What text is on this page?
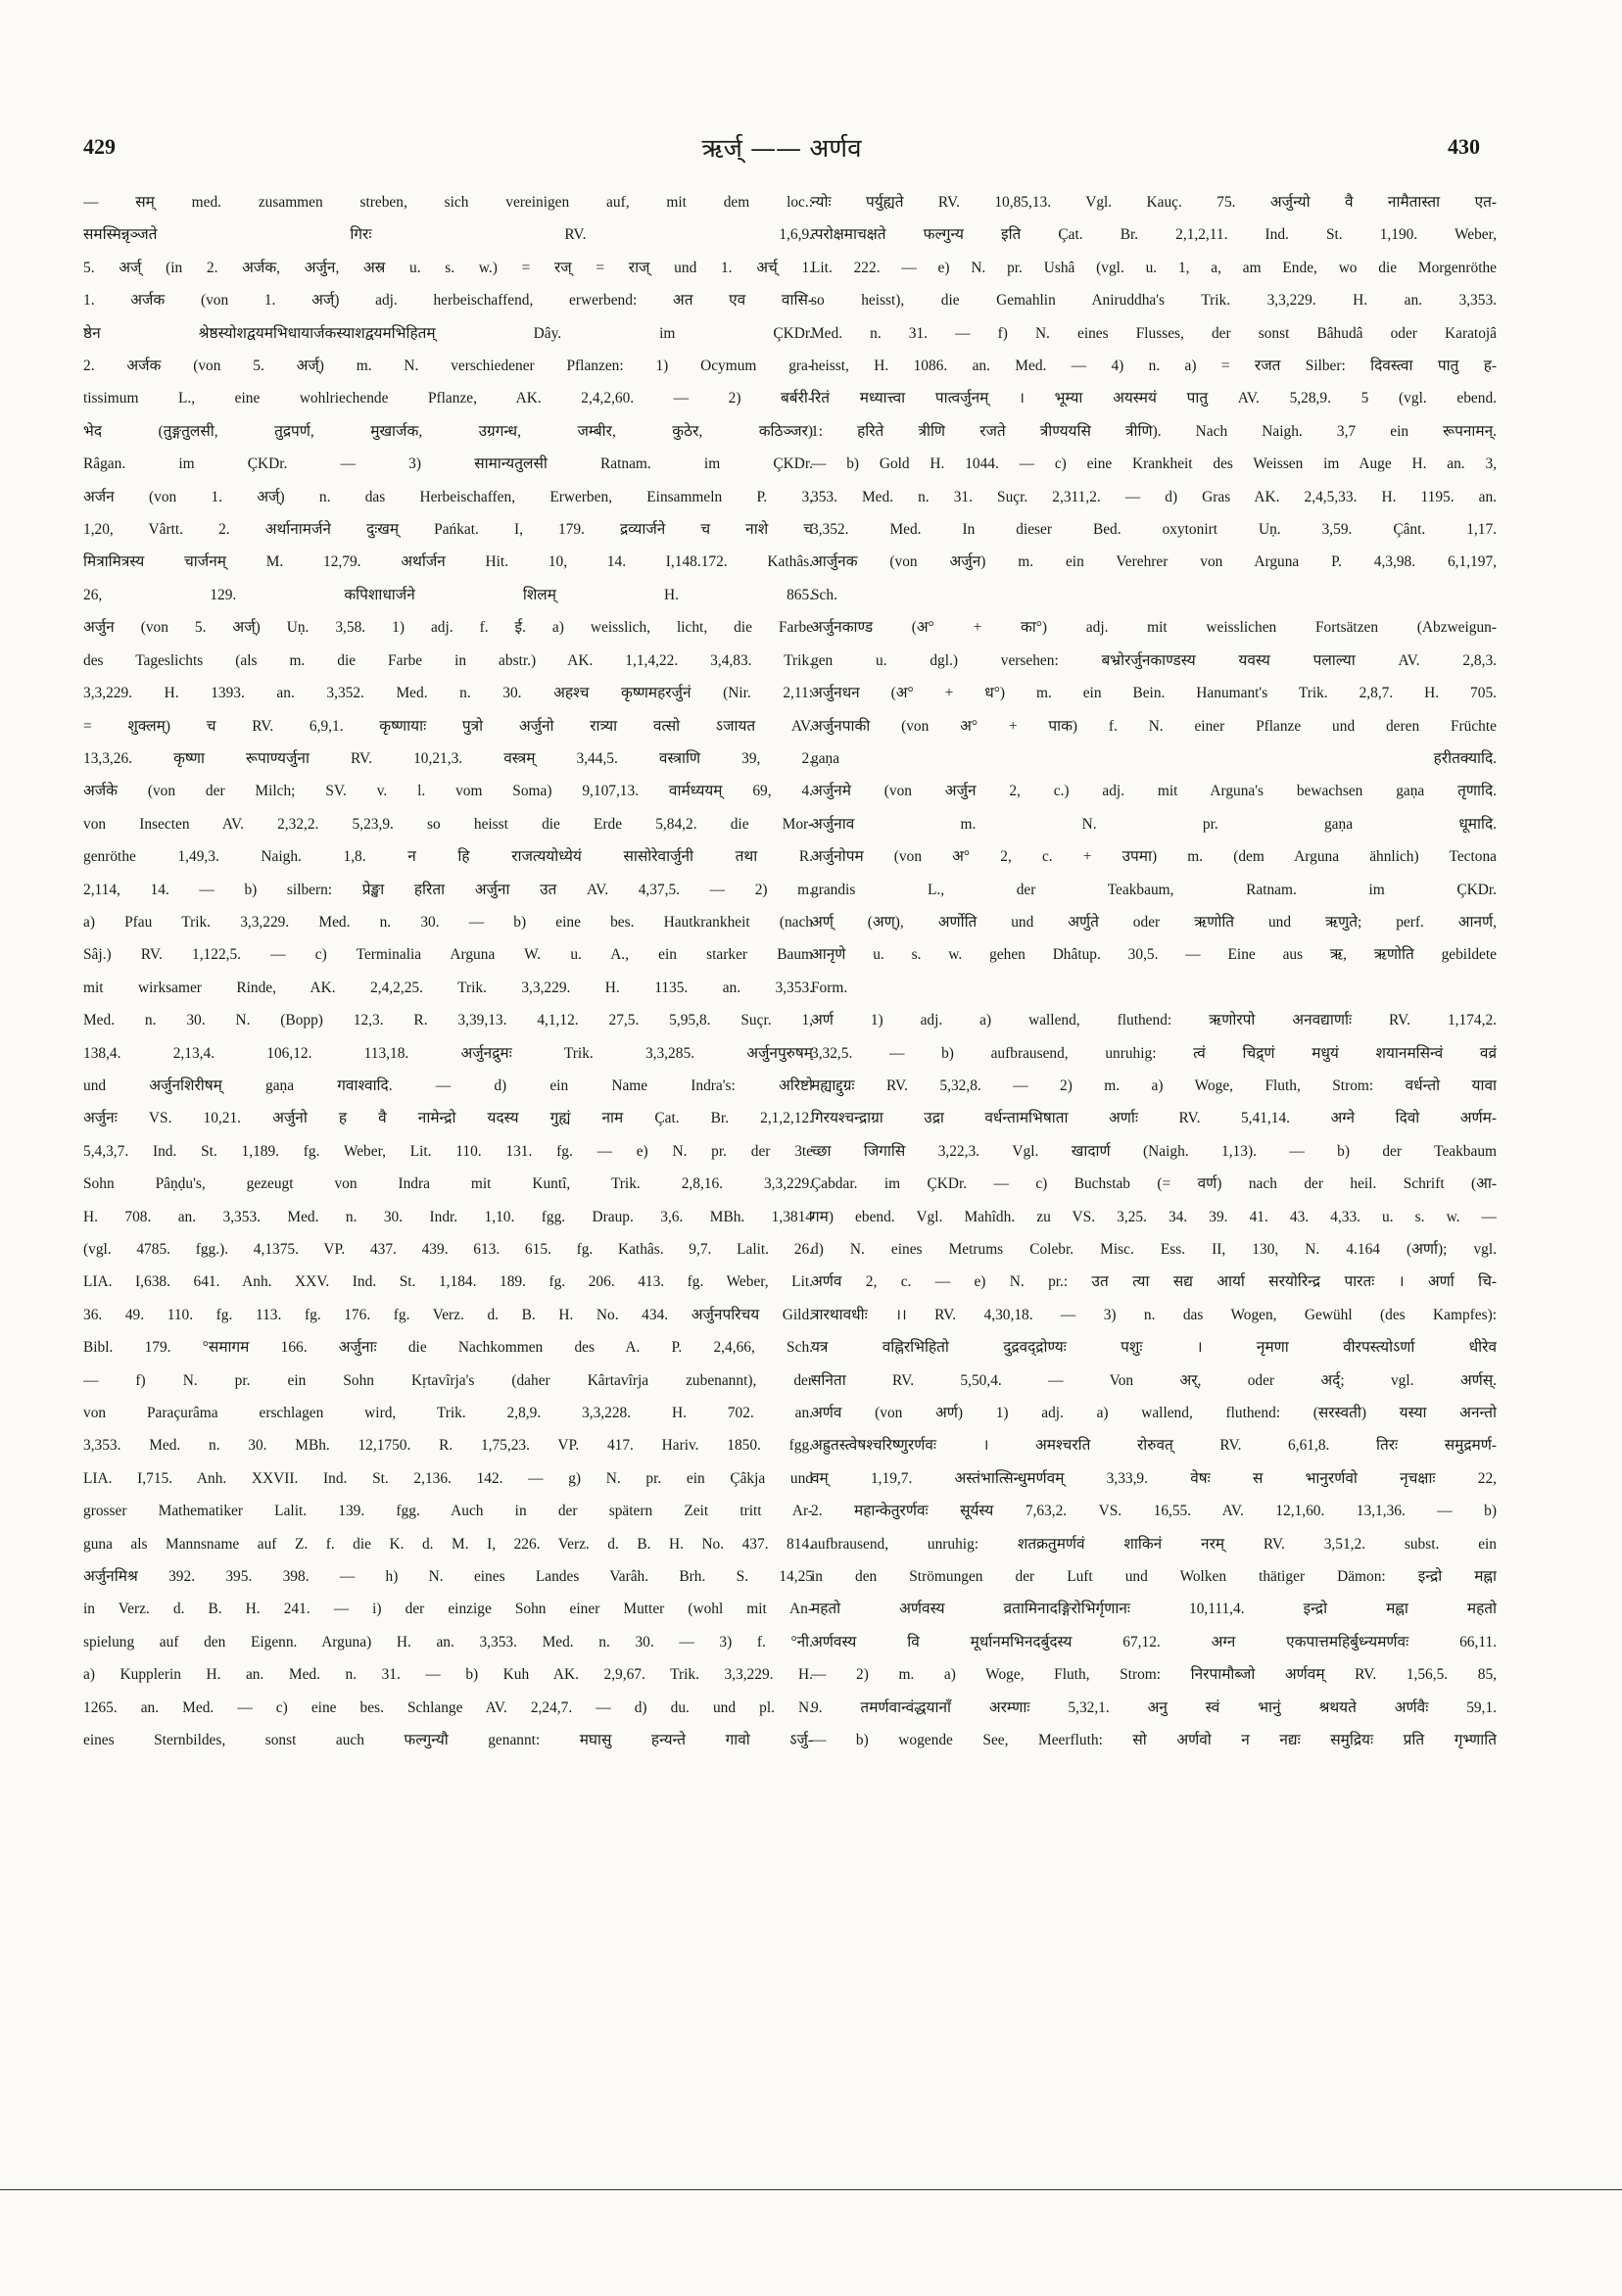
429	ऋर्ज् —— अर्णव	430
— सम् med. zusammen streben, sich vereinigen auf, mit dem loc.:
समस्मिन्नृञ्जते गिरः RV. 1,6,9.
5. अर्ज् (in 2. अर्जक, अर्जुन, अस्र u. s. w.) = रज् = राज् und 1. अर्च् 1.
1. अर्जक (von 1. अर्ज्) adj. herbeischaffend, erwerbend: अत एव वासि-
ष्ठेन श्रेष्ठस्योशद्वयमभिधायार्जकस्याशद्वयमभिहितम् Dây. im ÇKDr.
2. अर्जक (von 5. अर्ज्) m. N. verschiedener Pflanzen: 1) Ocymum gra-
tissimum L., eine wohlriechende Pflanze, AK. 2,4,2,60. — 2) बर्बरी-
भेद (तुङ्गतुलसी, तुद्रपर्ण, मुखार्जक, उग्रगन्ध, जम्बीर, कुठेर, कठिञ्जर)
Râgan. im ÇKDr. — 3) सामान्यतुलसी Ratnam. im ÇKDr.
अर्जन (von 1. अर्ज्) n. das Herbeischaffen, Erwerben, Einsammeln P. 3,
1,20, Vârtt. 2. अर्थानामर्जने दुःखम् Pańkat. I, 179. द्रव्यार्जने च नाशे च
मित्रामित्रस्य चार्जनम् M. 12,79. अर्थार्जन Hit. 10, 14. I,148.172. Kathâs.
26, 129. कपिशाधार्जने शिलम् H. 865.
अर्जुन (von 5. अर्ज्) Uṇ. 3,58. 1) adj. f. ई. a) weisslich, licht, die Farbe
des Tageslichts (als m. die Farbe in abstr.) AK. 1,1,4,22. 3,4,83. Trik.
3,3,229. H. 1393. an. 3,352. Med. n. 30. अहश्च कृष्णमहरर्जुनं (Nir. 2,11:
= शुक्लम्) च RV. 6,9,1. कृष्णायाः पुत्रो अर्जुनो रात्र्या वत्सो ऽजायत AV.
13,3,26. कृष्णा रूपाण्यर्जुना RV. 10,21,3. वस्त्रम् 3,44,5. वस्त्राणि 39, 2.
अर्जके (von der Milch; SV. v. l. vom Soma) 9,107,13. वार्मध्ययम् 69, 4.
von Insecten AV. 2,32,2. 5,23,9. so heisst die Erde 5,84,2. die Mor-
genröthe 1,49,3. Naigh. 1,8. न हि राजत्ययोध्येयं सासोरेवार्जुनी तथा R.
2,114, 14. — b) silbern: प्रेङ्खा हरिता अर्जुना उत AV. 4,37,5. — 2) m.
a) Pfau Trik. 3,3,229. Med. n. 30. — b) eine bes. Hautkrankheit (nach
Sâj.) RV. 1,122,5. — c) Terminalia Arguna W. u. A., ein starker Baum
mit wirksamer Rinde, AK. 2,4,2,25. Trik. 3,3,229. H. 1135. an. 3,353.
Med. n. 30. N. (Bopp) 12,3. R. 3,39,13. 4,1,12. 27,5. 5,95,8. Suçr. 1,
138,4. 2,13,4. 106,12. 113,18. अर्जुनद्रुमः Trik. 3,3,285. अर्जुनपुरुषम्
und अर्जुनशिरीषम् gaṇa गवाश्वादि. — d) ein Name Indra's: अरिष्टो
अर्जुनः VS. 10,21. अर्जुनो ह वै नामेन्द्रो यदस्य गुह्यं नाम Çat. Br. 2,1,2,12.
5,4,3,7. Ind. St. 1,189. fg. Weber, Lit. 110. 131. fg. — e) N. pr. der 3te
Sohn Pâṇḍu's, gezeugt von Indra mit Kuntî, Trik. 2,8,16. 3,3,229.
H. 708. an. 3,353. Med. n. 30. Indr. 1,10. fgg. Draup. 3,6. MBh. 1,3814
(vgl. 4785. fgg.). 4,1375. VP. 437. 439. 613. 615. fg. Kathâs. 9,7. Lalit. 26.
LIA. I,638. 641. Anh. XXV. Ind. St. 1,184. 189. fg. 206. 413. fg. Weber, Lit.
36. 49. 110. fg. 113. fg. 176. fg. Verz. d. B. H. No. 434. अर्जुनपरिचय Gild.
Bibl. 179. °समागम 166. अर्जुनाः die Nachkommen des A. P. 2,4,66, Sch.
— f) N. pr. ein Sohn Kṛtavîrja's (daher Kârtavîrja zubenannt), der
von Paraçurâma erschlagen wird, Trik. 2,8,9. 3,3,228. H. 702. an.
3,353. Med. n. 30. MBh. 12,1750. R. 1,75,23. VP. 417. Hariv. 1850. fgg.
LIA. I,715. Anh. XXVII. Ind. St. 2,136. 142. — g) N. pr. ein Çâkja und
grosser Mathematiker Lalit. 139. fgg. Auch in der spätern Zeit tritt Ar-
guna als Mannsname auf Z. f. die K. d. M. I, 226. Verz. d. B. H. No. 437. 814.
अर्जुनमिश्र 392. 395. 398. — h) N. eines Landes Varâh. Brh. S. 14,25
in Verz. d. B. H. 241. — i) der einzige Sohn einer Mutter (wohl mit An-
spielung auf den Eigenn. Arguna) H. an. 3,353. Med. n. 30. — 3) f. °नी.
a) Kupplerin H. an. Med. n. 31. — b) Kuh AK. 2,9,67. Trik. 3,3,229. H.
1265. an. Med. — c) eine bes. Schlange AV. 2,24,7. — d) du. und pl. N.
eines Sternbildes, sonst auch फल्गुन्यौ genannt: मघासु हन्यन्ते गावो ऽर्जु-
न्योः पर्युह्यते RV. 10,85,13. Vgl. Kauç. 75. अर्जुन्यो वै नामैतास्ता एत-
त्परोक्षमाचक्षते फल्गुन्य इति Çat. Br. 2,1,2,11. Ind. St. 1,190. Weber,
Lit. 222. — e) N. pr. Ushâ (vgl. u. 1, a, am Ende, wo die Morgenröthe
so heisst), die Gemahlin Aniruddha's Trik. 3,3,229. H. an. 3,353.
Med. n. 31. — f) N. eines Flusses, der sonst Bâhudâ oder Karatojâ
heisst, H. 1086. an. Med. — 4) n. a) = रजत Silber: दिवस्त्वा पातु ह-
रितं मध्यात्त्वा पात्वर्जुनम् । भूम्या अयस्मयं पातु AV. 5,28,9. 5 (vgl. ebend.
1: हरिते त्रीणि रजते त्रीण्ययसि त्रीणि). Nach Naigh. 3,7 ein रूपनामन्.
— b) Gold H. 1044. — c) eine Krankheit des Weissen im Auge H. an. 3,
353. Med. n. 31. Suçr. 2,311,2. — d) Gras AK. 2,4,5,33. H. 1195. an.
3,352. Med. In dieser Bed. oxytonirt Uṇ. 3,59. Çânt. 1,17.
आर्जुनक (von अर्जुन) m. ein Verehrer von Arguna P. 4,3,98. 6,1,197,
Sch.
अर्जुनकाण्ड (अ° + का°) adj. mit weisslichen Fortsätzen (Abzweigun-
gen u. dgl.) versehen: बभ्रोरर्जुनकाण्डस्य यवस्य पलाल्या AV. 2,8,3.
अर्जुनधन (अ° + ध°) m. ein Bein. Hanumant's Trik. 2,8,7. H. 705.
अर्जुनपाकी (von अ° + पाक) f. N. einer Pflanze und deren Früchte
gaṇa हरीतक्यादि.
अर्जुनमे (von अर्जुन 2, c.) adj. mit Arguna's bewachsen gaṇa तृणादि.
अर्जुनाव m. N. pr. gaṇa धूमादि.
अर्जुनोपम (von अ° 2, c. + उपमा) m. (dem Arguna ähnlich) Tectona
grandis L., der Teakbaum, Ratnam. im ÇKDr.
अर्ण् (अण्), अर्णोति und अर्णुते oder ऋणोति und ऋणुते; perf. आनर्ण,
आनृणे u. s. w. gehen Dhâtup. 30,5. — Eine aus ऋ, ऋणोति gebildete
Form.
अर्ण 1) adj. a) wallend, fluthend: ऋणोरपो अनवद्यार्णाः RV. 1,174,2.
3,32,5. — b) aufbrausend, unruhig: त्वं चिद्र्णं मधुयं शयानमसिन्वं वव्रं
मह्याद्दुग्रः RV. 5,32,8. — 2) m. a) Woge, Fluth, Strom: वर्धन्तो यावा
गिरयश्चन्द्राग्रा उद्रा वर्धन्तामभिषाता अर्णाः RV. 5,41,14. अग्ने दिवो अर्णम-
च्छा जिगासि 3,22,3. Vgl. खादार्ण (Naigh. 1,13). — b) der Teakbaum
Çabdar. im ÇKDr. — c) Buchstab (= वर्ण) nach der heil. Schrift (आ-
गम) ebend. Vgl. Mahîdh. zu VS. 3,25. 34. 39. 41. 43. 4,33. u. s. w. —
d) N. eines Metrums Colebr. Misc. Ess. II, 130, N. 4.164 (अर्णा); vgl.
अर्णव 2, c. — e) N. pr.: उत त्या सद्य आर्या सरयोरिन्द्र पारतः । अर्णा चि-
त्रारथावधीः ।। RV. 4,30,18. — 3) n. das Wogen, Gewühl (des Kampfes):
यत्र वह्निरभिहितो दुद्रवद्द्रोण्यः पशुः । नृमणा वीरपस्त्योऽर्णा धीरेव
सनिता RV. 5,50,4. — Von अर्, oder अर्द्; vgl. अर्णस्.
अर्णव (von अर्ण) 1) adj. a) wallend, fluthend: (सरस्वती) यस्या अनन्तो
अह्रुतस्त्वेषश्चरिष्णुरर्णवः । अमश्चरति रोरुवत् RV. 6,61,8. तिरः समुद्रमर्ण-
वम् 1,19,7. अस्तंभात्सिन्धुमर्णवम् 3,33,9. वेषः स भानुरर्णवो नृचक्षाः 22,
2. महान्केतुरर्णवः सूर्यस्य 7,63,2. VS. 16,55. AV. 12,1,60. 13,1,36. — b)
aufbrausend, unruhig: शतक्रतुमर्णवं शाकिनं नरम् RV. 3,51,2. subst. ein
in den Strömungen der Luft und Wolken thätiger Dämon: इन्द्रो मह्ना
महतो अर्णवस्य व्रतामिनादङ्गिरोभिर्गृणानः 10,111,4. इन्द्रो मह्ना महतो
अर्णवस्य वि मूर्धानमभिनदर्बुदस्य 67,12. अग्न एकपात्तमहिर्बुध्न्यमर्णवः 66,11.
— 2) m. a) Woge, Fluth, Strom: निरपामौब्जो अर्णवम् RV. 1,56,5. 85,
9. तमर्णवान्वंद्धयानाँ अरम्णाः 5,32,1. अनु स्वं भानुं श्रथयते अर्णवैः 59,1.
— b) wogende See, Meerfluth: सो अर्णवो न नद्यः समुद्रियः प्रति गृभ्णाति
